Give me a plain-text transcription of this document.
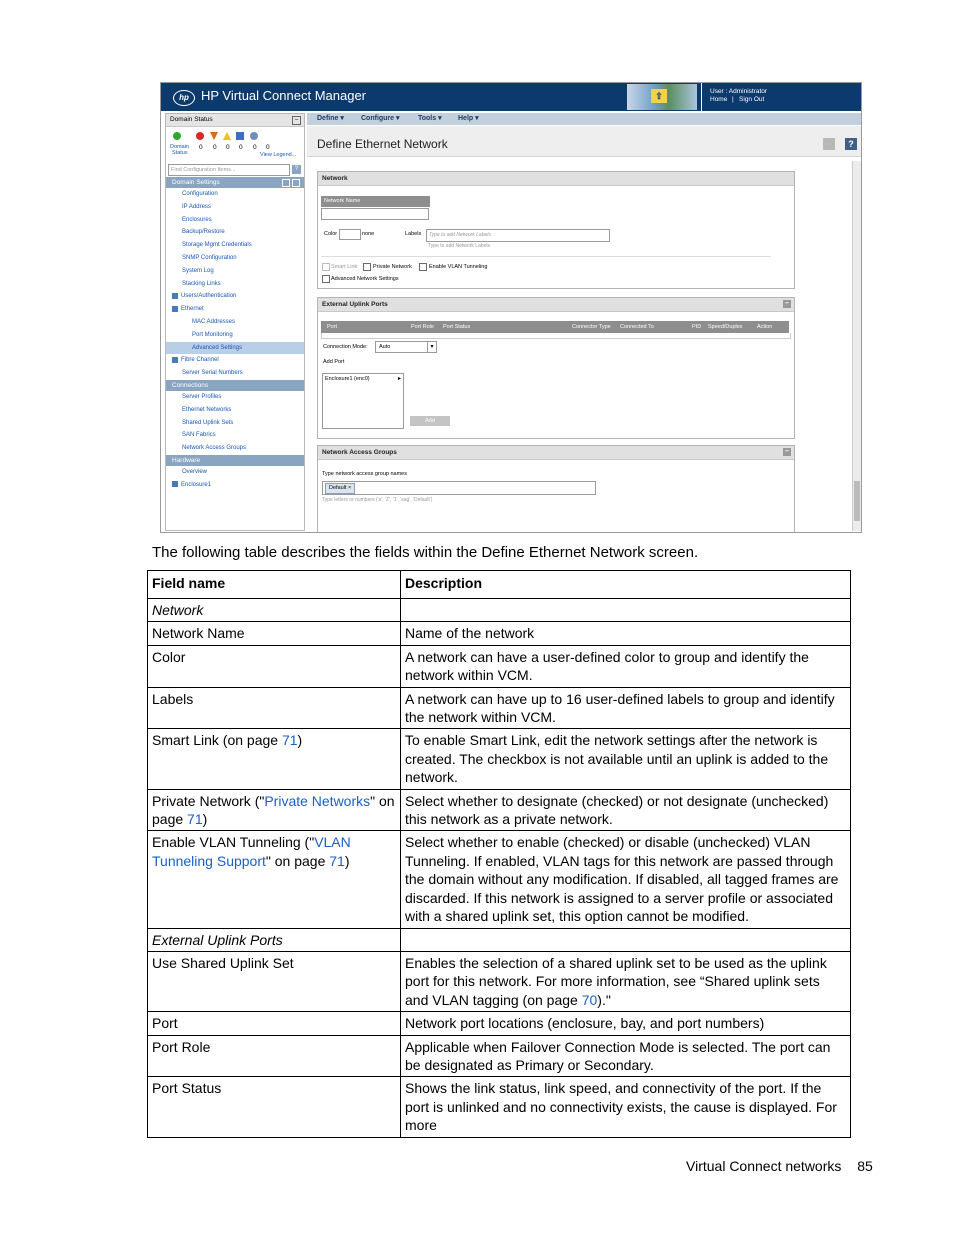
hp HP Virtual Connect Manager	⇧	User : Administrator
Home | Sign Out
Domain Status	–
Domain
Status
0 0 0 0 0 0
View Legend...
Find Configuration Items...	?
Domain Settings
Configuration
IP Address
Enclosures
Backup/Restore
Storage Mgmt Credentials
SNMP Configuration
System Log
Stacking Links
Users/Authentication
Ethernet
MAC Addresses
Port Monitoring
Advanced Settings
Fibre Channel
Server Serial Numbers
Connections
Server Profiles
Ethernet Networks
Shared Uplink Sets
SAN Fabrics
Network Access Groups
Hardware
Overview
Enclosure1
Define ▾ Configure ▾	Tools ▾ Help ▾
Define Ethernet Network	?
Network
Network Name
Color	none	Labels	Type to add Network Labels
Type to add Network Labels
Smart Link	Private Network	Enable VLAN Tunneling
Advanced Network Settings
External Uplink Ports	–
Port	Port Role Port Status	Connector Type Connected To	PID Speed/Duplex	Action
Connection Mode: Auto	▾
Add Port
Enclosure1 (enc0)	▸
Add
Network Access Groups	–
Type network access group names
Default ×
Type letters or numbers ('a', 'Z', '1', 'sag', 'Default')
The following table describes the fields within the Define Ethernet Network screen.
Field name	Description
Network	
Network Name	Name of the network
Color	A network can have a user-defined color to group and identify the network within VCM.
Labels	A network can have up to 16 user-defined labels to group and identify the network within VCM.
Smart Link (on page 71)	To enable Smart Link, edit the network settings after the network is created. The checkbox is not available until an uplink is added to the network.
Private Network ("Private Networks" on page 71)	Select whether to designate (checked) or not designate (unchecked) this network as a private network.
Enable VLAN Tunneling ("VLAN Tunneling Support" on page 71)	Select whether to enable (checked) or disable (unchecked) VLAN Tunneling. If enabled, VLAN tags for this network are passed through the domain without any modification. If disabled, all tagged frames are discarded. If this network is assigned to a server profile or associated with a shared uplink set, this option cannot be modified.
External Uplink Ports	
Use Shared Uplink Set	Enables the selection of a shared uplink set to be used as the uplink port for this network. For more information, see “Shared uplink sets and VLAN tagging (on page 70)."
Port	Network port locations (enclosure, bay, and port numbers)
Port Role	Applicable when Failover Connection Mode is selected. The port can be designated as Primary or Secondary.
Port Status	Shows the link status, link speed, and connectivity of the port. If the port is unlinked and no connectivity exists, the cause is displayed. For more
Virtual Connect networks 85
